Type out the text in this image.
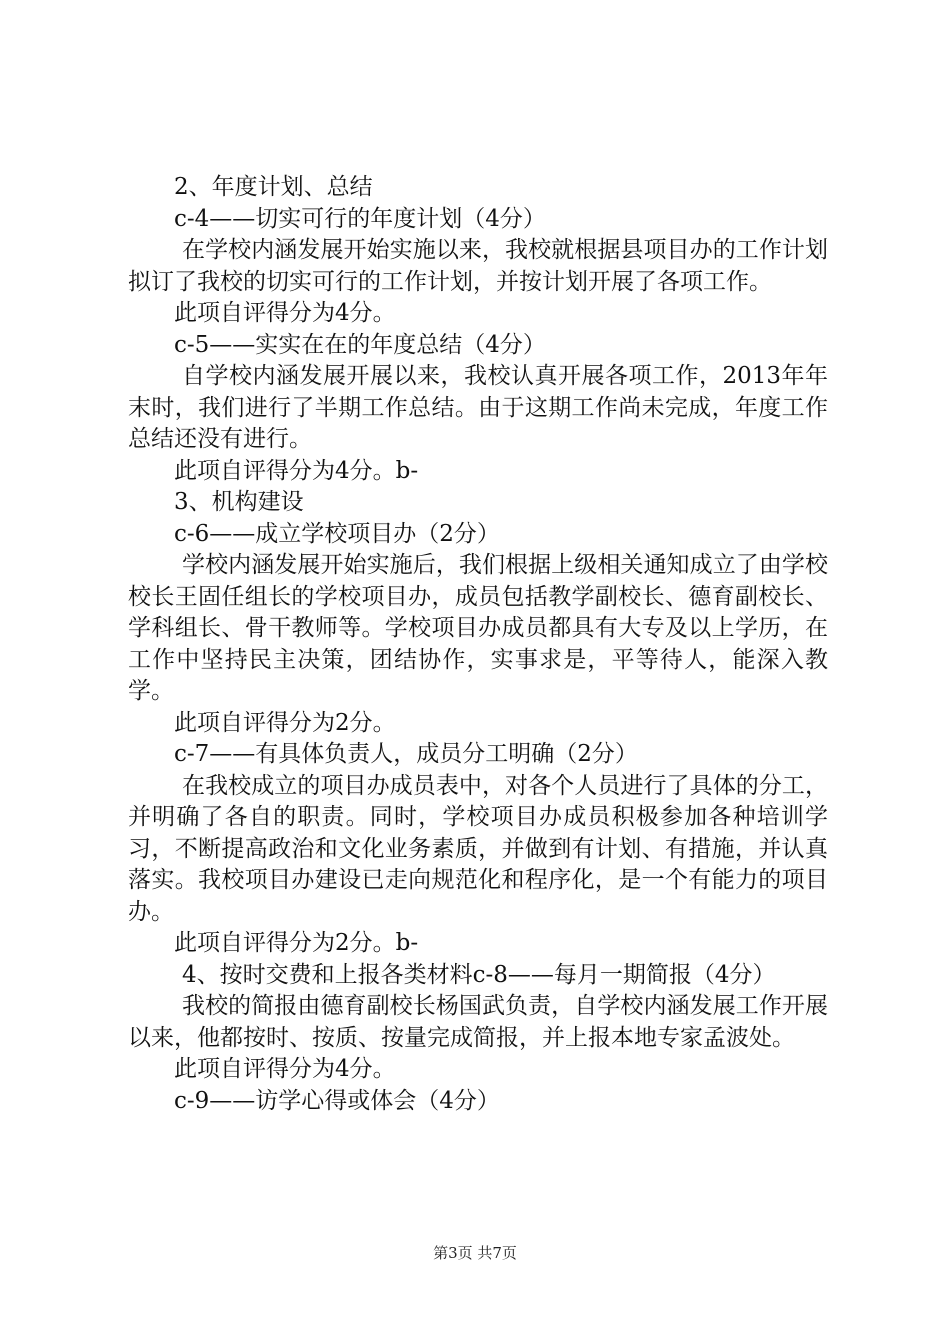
2、年度计划、总结
c-4——切实可行的年度计划（4分）
在学校内涵发展开始实施以来，我校就根据县项目办的工作计划拟订了我校的切实可行的工作计划，并按计划开展了各项工作。
此项自评得分为4分。
c-5——实实在在的年度总结（4分）
自学校内涵发展开展以来，我校认真开展各项工作，2013年年末时，我们进行了半期工作总结。由于这期工作尚未完成，年度工作总结还没有进行。
此项自评得分为4分。b-
3、机构建设
c-6——成立学校项目办（2分）
学校内涵发展开始实施后，我们根据上级相关通知成立了由学校校长王固任组长的学校项目办，成员包括教学副校长、德育副校长、学科组长、骨干教师等。学校项目办成员都具有大专及以上学历，在工作中坚持民主决策，团结协作，实事求是，平等待人，能深入教学。
此项自评得分为2分。
c-7——有具体负责人，成员分工明确（2分）
在我校成立的项目办成员表中，对各个人员进行了具体的分工，并明确了各自的职责。同时，学校项目办成员积极参加各种培训学习，不断提高政治和文化业务素质，并做到有计划、有措施，并认真落实。我校项目办建设已走向规范化和程序化，是一个有能力的项目办。
此项自评得分为2分。b-
4、按时交费和上报各类材料c-8——每月一期简报（4分）
我校的简报由德育副校长杨国武负责，自学校内涵发展工作开展以来，他都按时、按质、按量完成简报，并上报本地专家孟波处。
此项自评得分为4分。
c-9——访学心得或体会（4分）
第3页 共7页
